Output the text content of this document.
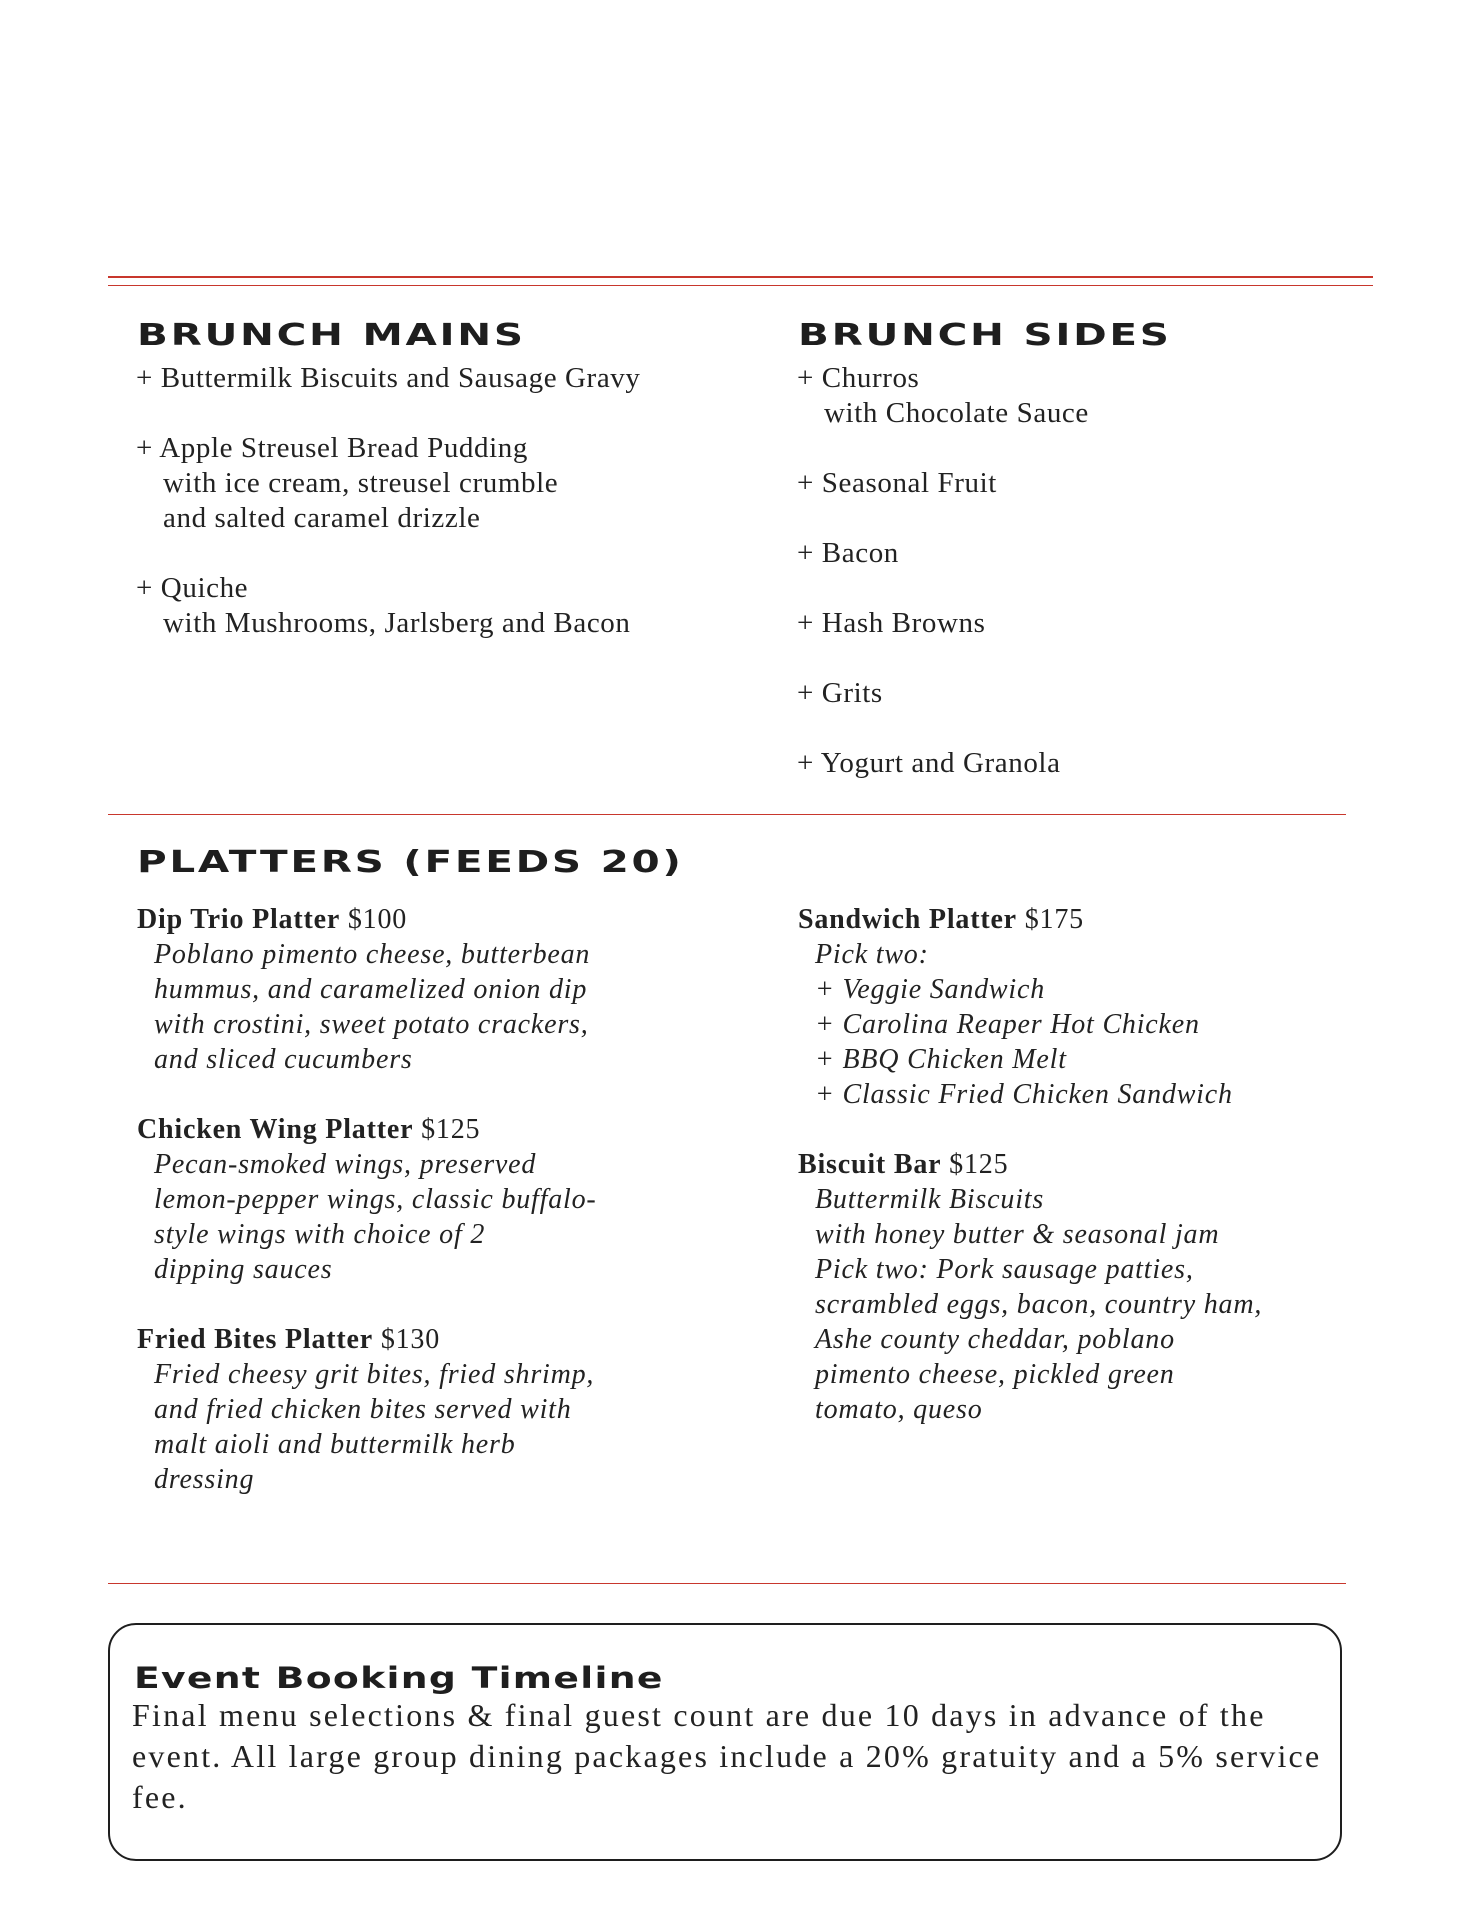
BRUNCH MAINS
+ Buttermilk Biscuits and Sausage Gravy
+ Apple Streusel Bread Pudding
with ice cream, streusel crumble
and salted caramel drizzle
+ Quiche
with Mushrooms, Jarlsberg and Bacon
BRUNCH SIDES
+ Churros
with Chocolate Sauce
+ Seasonal Fruit
+ Bacon
+ Hash Browns
+ Grits
+ Yogurt and Granola
PLATTERS (FEEDS 20)
Dip Trio Platter $100
Poblano pimento cheese, butterbean
hummus, and caramelized onion dip
with crostini, sweet potato crackers,
and sliced cucumbers
Chicken Wing Platter $125
Pecan-smoked wings, preserved
lemon-pepper wings, classic buffalo-
style wings with choice of 2
dipping sauces
Fried Bites Platter $130
Fried cheesy grit bites, fried shrimp,
and fried chicken bites served with
malt aioli and buttermilk herb
dressing
Sandwich Platter $175
Pick two:
+ Veggie Sandwich
+ Carolina Reaper Hot Chicken
+ BBQ Chicken Melt
+ Classic Fried Chicken Sandwich
Biscuit Bar $125
Buttermilk Biscuits
with honey butter & seasonal jam
Pick two: Pork sausage patties,
scrambled eggs, bacon, country ham,
Ashe county cheddar, poblano
pimento cheese, pickled green
tomato, queso
Event Booking Timeline
Final menu selections & final guest count are due 10 days in advance of the event. All large group dining packages include a 20% gratuity and a 5% service fee.
